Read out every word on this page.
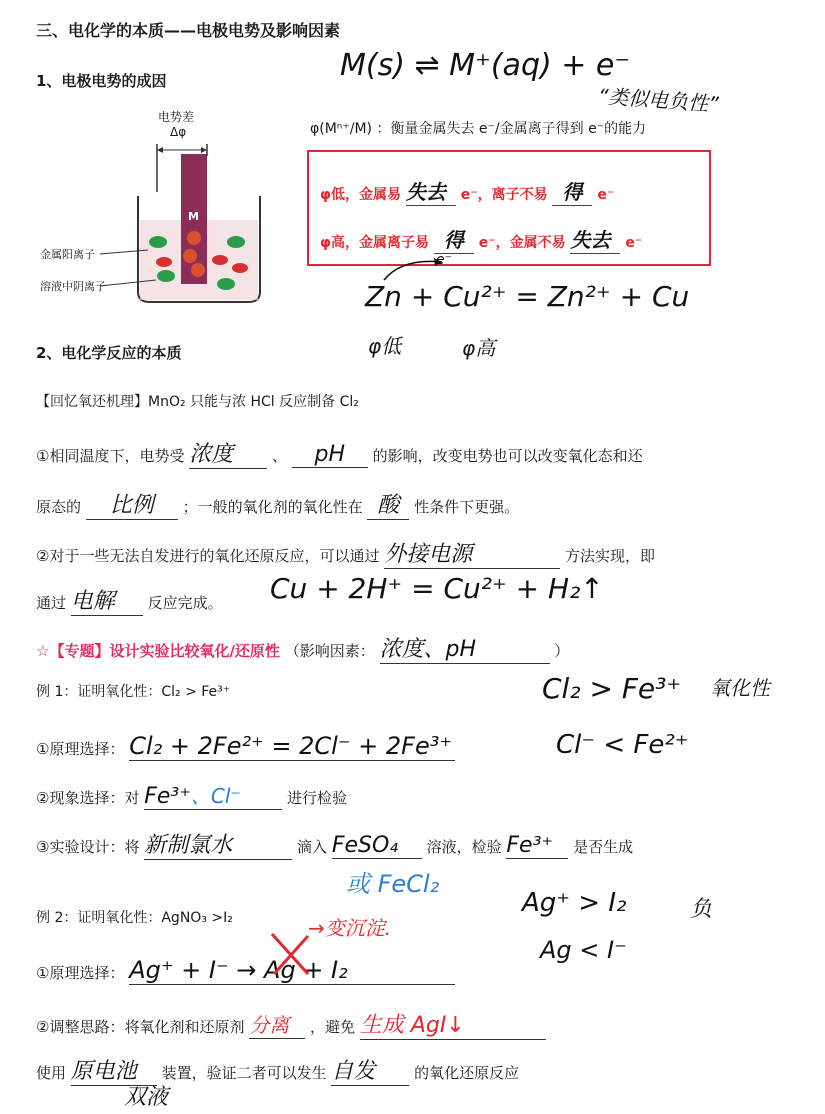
三、电化学的本质——电极电势及影响因素
1、电极电势的成因	M(s) ⇌ M⁺(aq) + e⁻
“类似电负性”
电势差
Δφ
金属阳离子
溶液中阴离子
M
φ(Mⁿ⁺/M) ：衡量金属失去 e⁻/金属离子得到 e⁻的能力
φ低，金属易 失去 e⁻，离子不易 得 e⁻
φ高，金属离子易 得 e⁻，金属不易 失去 e⁻
e⁻
Zn + Cu²⁺ = Zn²⁺ + Cu
φ低	φ高
2、电化学反应的本质
【回忆氧还机理】MnO₂ 只能与浓 HCl 反应制备 Cl₂
①相同温度下，电势受 浓度	、 pH 的影响，改变电势也可以改变氧化态和还
原态的 比例 ；一般的氧化剂的氧化性在 酸 性条件下更强。
②对于一些无法自发进行的氧化还原反应，可以通过 外接电源	方法实现，即
通过 电解 反应完成。 Cu + 2H⁺ = Cu²⁺ + H₂↑
☆【专题】设计实验比较氧化/还原性 （影响因素： 浓度、pH	）
例 1：证明氧化性：Cl₂ > Fe³⁺	Cl₂ > Fe³⁺ 氧化性
Cl⁻ < Fe²⁺
①原理选择： Cl₂ + 2Fe²⁺ = 2Cl⁻ + 2Fe³⁺
②现象选择：对 Fe³⁺、Cl⁻	进行检验
③实验设计：将 新制氯水	滴入 FeSO₄ 溶液，检验 Fe³⁺ 是否生成
或 FeCl₂
例 2：证明氧化性：AgNO₃ >I₂	Ag⁺ > I₂	负
Ag < I⁻
①原理选择： Ag⁺ + I⁻ → Ag + I₂
→变沉淀.
②调整思路：将氧化剂和还原剂 分离 ，避免 生成 AgI↓
使用 原电池 装置，验证二者可以发生 自发	的氧化还原反应
双液
